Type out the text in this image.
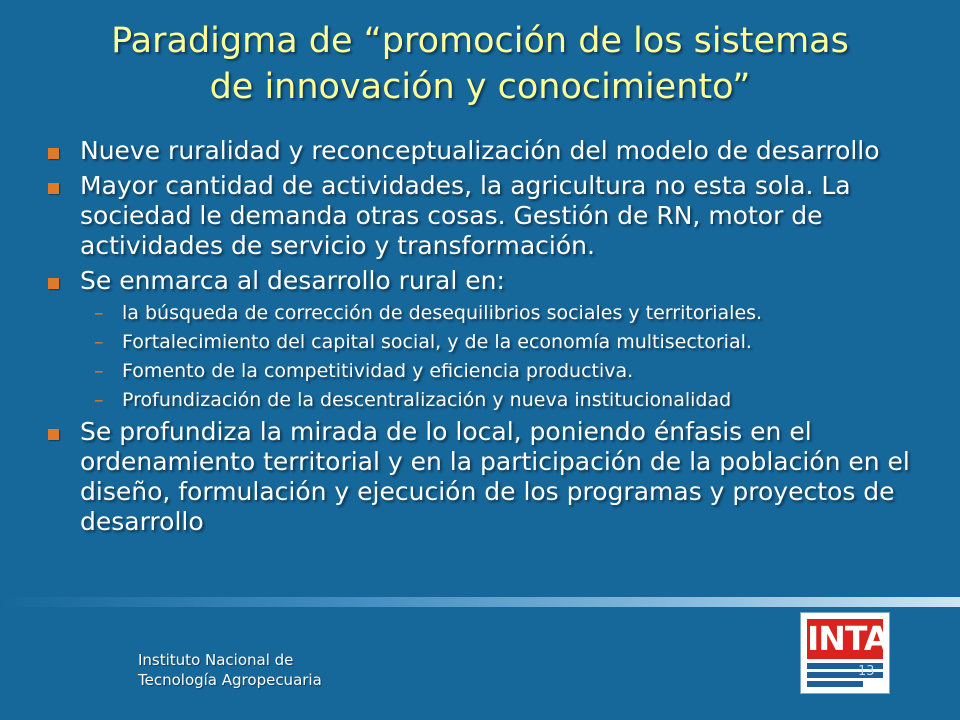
Paradigma de “promoción de los sistemas
de innovación y conocimiento”
Nueve ruralidad y reconceptualización del modelo de desarrollo
Mayor cantidad de actividades, la agricultura no esta sola. La sociedad le demanda otras cosas. Gestión de RN, motor de actividades de servicio y transformación.
Se enmarca al desarrollo rural en:
– la búsqueda de corrección de desequilibrios sociales y territoriales.
– Fortalecimiento del capital social, y de la economía multisectorial.
– Fomento de la competitividad y eficiencia productiva.
– Profundización de la descentralización y nueva institucionalidad
Se profundiza la mirada de lo local, poniendo énfasis en el ordenamiento territorial y en la participación de la población en el diseño, formulación y ejecución de los programas y proyectos de desarrollo
Instituto Nacional de
Tecnología Agropecuaria
INTA
13
